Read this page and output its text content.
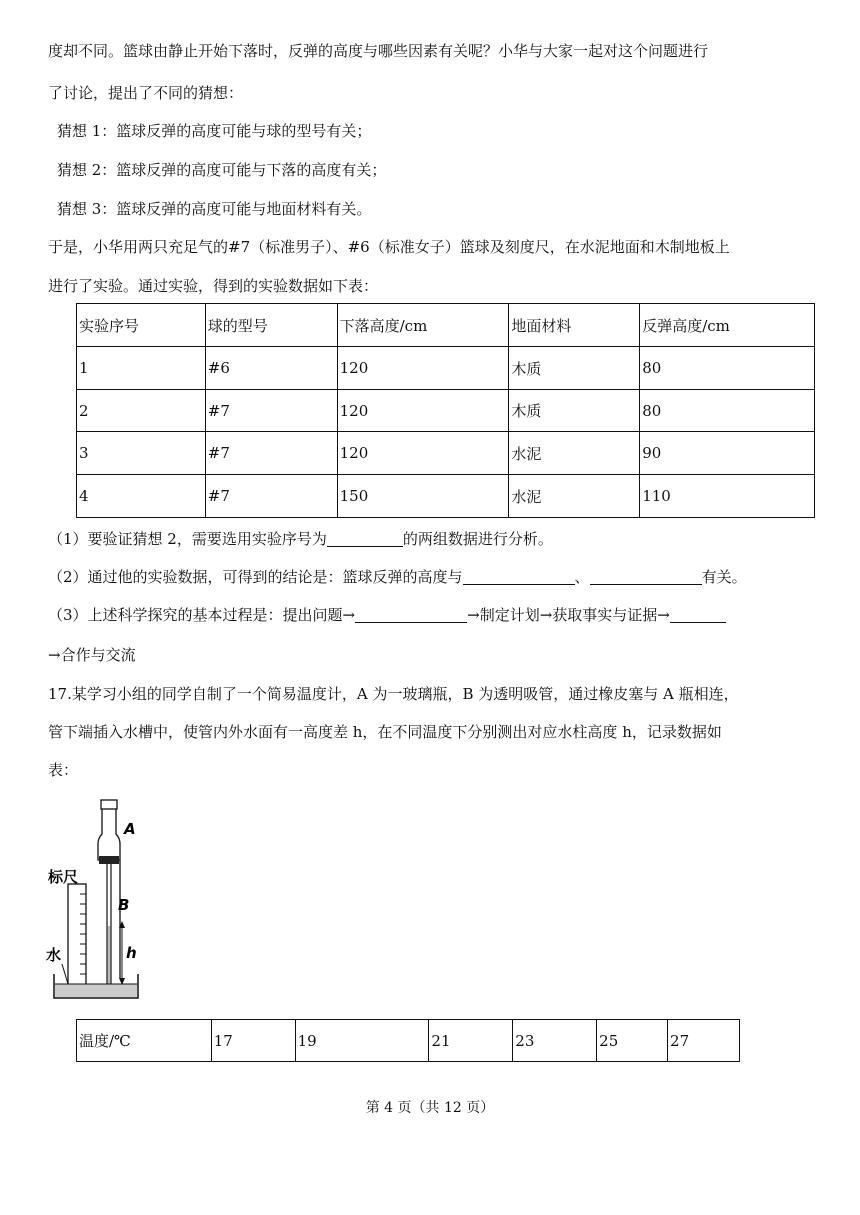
度却不同。篮球由静止开始下落时，反弹的高度与哪些因素有关呢？小华与大家一起对这个问题进行
了讨论，提出了不同的猜想：
猜想 1：篮球反弹的高度可能与球的型号有关；
猜想 2：篮球反弹的高度可能与下落的高度有关；
猜想 3：篮球反弹的高度可能与地面材料有关。
于是，小华用两只充足气的#7（标准男子）、#6（标准女子）篮球及刻度尺，在水泥地面和木制地板上
进行了实验。通过实验，得到的实验数据如下表：
实验序号	球的型号	下落高度/cm	地面材料	反弹高度/cm
1	#6	120	木质	80
2	#7	120	木质	80
3	#7	120	水泥	90
4	#7	150	水泥	110
（1）要验证猜想 2，需要选用实验序号为	的两组数据进行分析。
（2）通过他的实验数据，可得到的结论是：篮球反弹的高度与	、	有关。
（3）上述科学探究的基本过程是：提出问题→	→制定计划→获取事实与证据→
→合作与交流
17.某学习小组的同学自制了一个简易温度计，A 为一玻璃瓶，B 为透明吸管，通过橡皮塞与 A 瓶相连，
管下端插入水槽中，使管内外水面有一高度差 h，在不同温度下分别测出对应水柱高度 h，记录数据如
表：
A
标尺
B
h
水
温度/℃	17	19	21	23	25	27
第 4 页（共 12 页）
